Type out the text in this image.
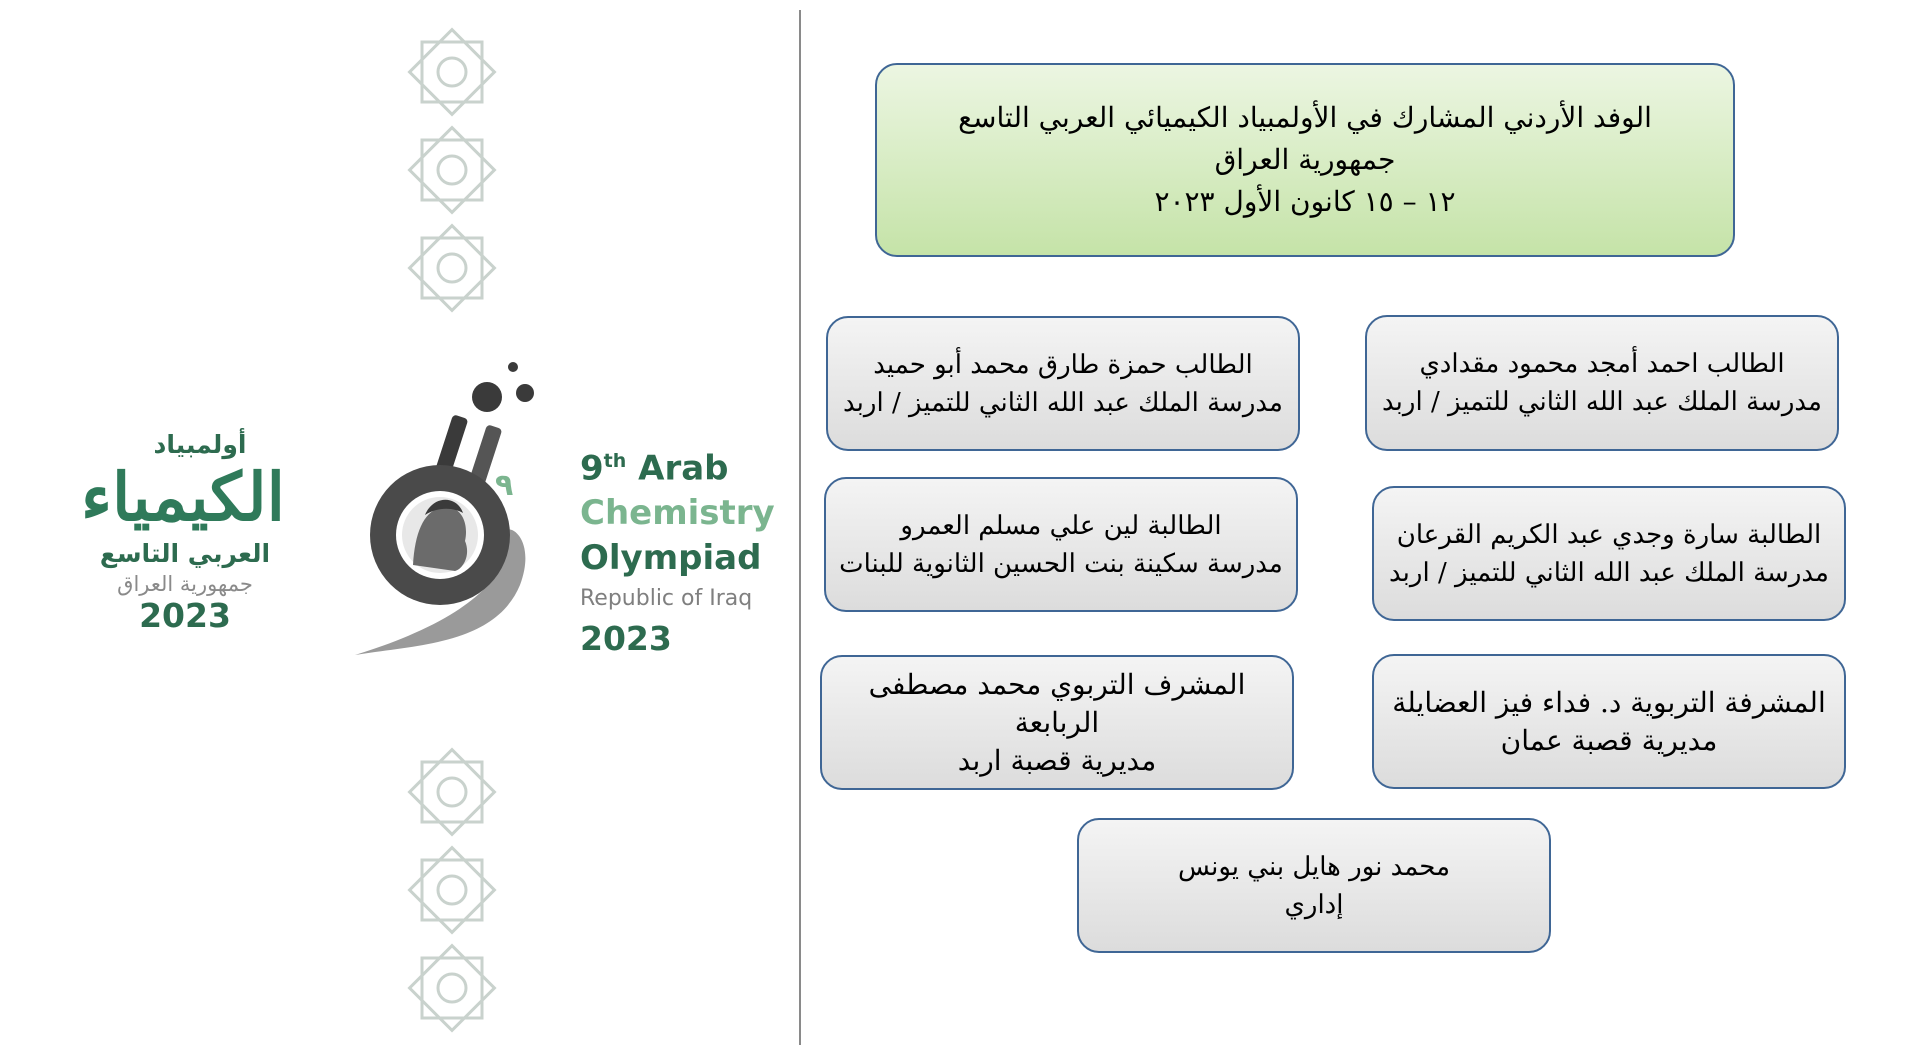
أولمبياد
الكيمياء
العربي التاسع
جمهورية العراق
2023
٩ 9th Arab
Chemistry
Olympiad
Republic of Iraq
2023
الوفد الأردني المشارك في الأولمبياد الكيميائي العربي التاسع
جمهورية العراق
١٢ – ١٥ كانون الأول ٢٠٢٣
الطالب احمد أمجد محمود مقدادي
مدرسة الملك عبد الله الثاني للتميز / اربد
الطالب حمزة طارق محمد أبو حميد
مدرسة الملك عبد الله الثاني للتميز / اربد
الطالبة سارة وجدي عبد الكريم القرعان
مدرسة الملك عبد الله الثاني للتميز / اربد
الطالبة لين علي مسلم العمرو
مدرسة سكينة بنت الحسين الثانوية للبنات
المشرفة التربوية د. فداء فيز العضايلة
مديرية قصبة عمان
المشرف التربوي محمد مصطفى الربابعة
مديرية قصبة اربد
محمد نور هايل بني يونس
إداري
